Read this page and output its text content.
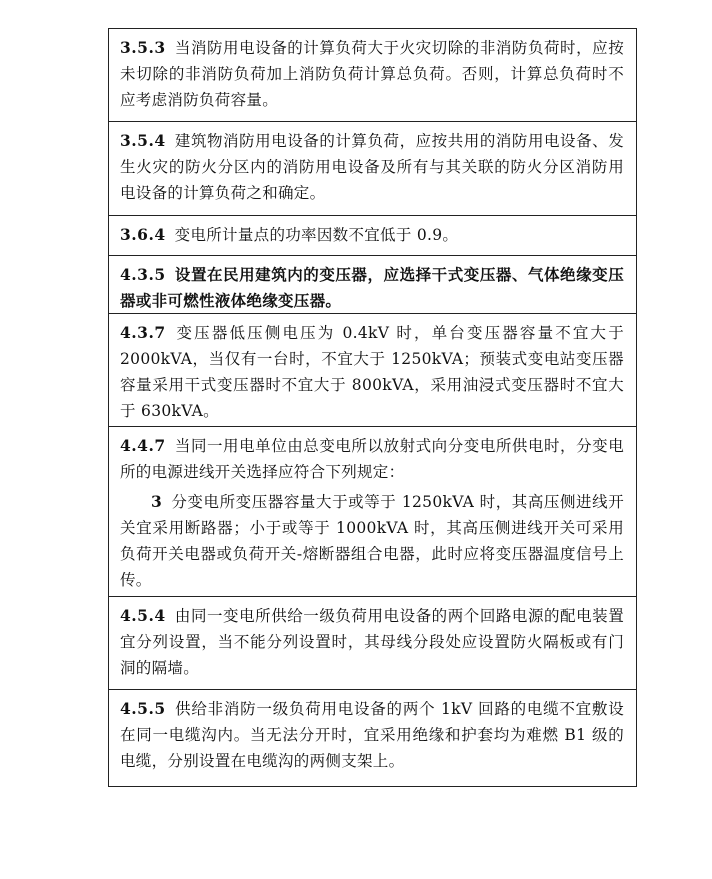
3.5.3 当消防用电设备的计算负荷大于火灾切除的非消防负荷时，应按未切除的非消防负荷加上消防负荷计算总负荷。否则，计算总负荷时不应考虑消防负荷容量。
3.5.4 建筑物消防用电设备的计算负荷，应按共用的消防用电设备、发生火灾的防火分区内的消防用电设备及所有与其关联的防火分区消防用电设备的计算负荷之和确定。
3.6.4 变电所计量点的功率因数不宜低于 0.9。
4.3.5 设置在民用建筑内的变压器，应选择干式变压器、气体绝缘变压器或非可燃性液体绝缘变压器。
4.3.7 变压器低压侧电压为 0.4kV 时，单台变压器容量不宜大于 2000kVA，当仅有一台时，不宜大于 1250kVA；预装式变电站变压器容量采用干式变压器时不宜大于 800kVA，采用油浸式变压器时不宜大于 630kVA。
4.4.7 当同一用电单位由总变电所以放射式向分变电所供电时，分变电所的电源进线开关选择应符合下列规定：
3 分变电所变压器容量大于或等于 1250kVA 时，其高压侧进线开关宜采用断路器；小于或等于 1000kVA 时，其高压侧进线开关可采用负荷开关电器或负荷开关-熔断器组合电器，此时应将变压器温度信号上传。
4.5.4 由同一变电所供给一级负荷用电设备的两个回路电源的配电装置宜分列设置，当不能分列设置时，其母线分段处应设置防火隔板或有门洞的隔墙。
4.5.5 供给非消防一级负荷用电设备的两个 1kV 回路的电缆不宜敷设在同一电缆沟内。当无法分开时，宜采用绝缘和护套均为难燃 B1 级的电缆，分别设置在电缆沟的两侧支架上。
